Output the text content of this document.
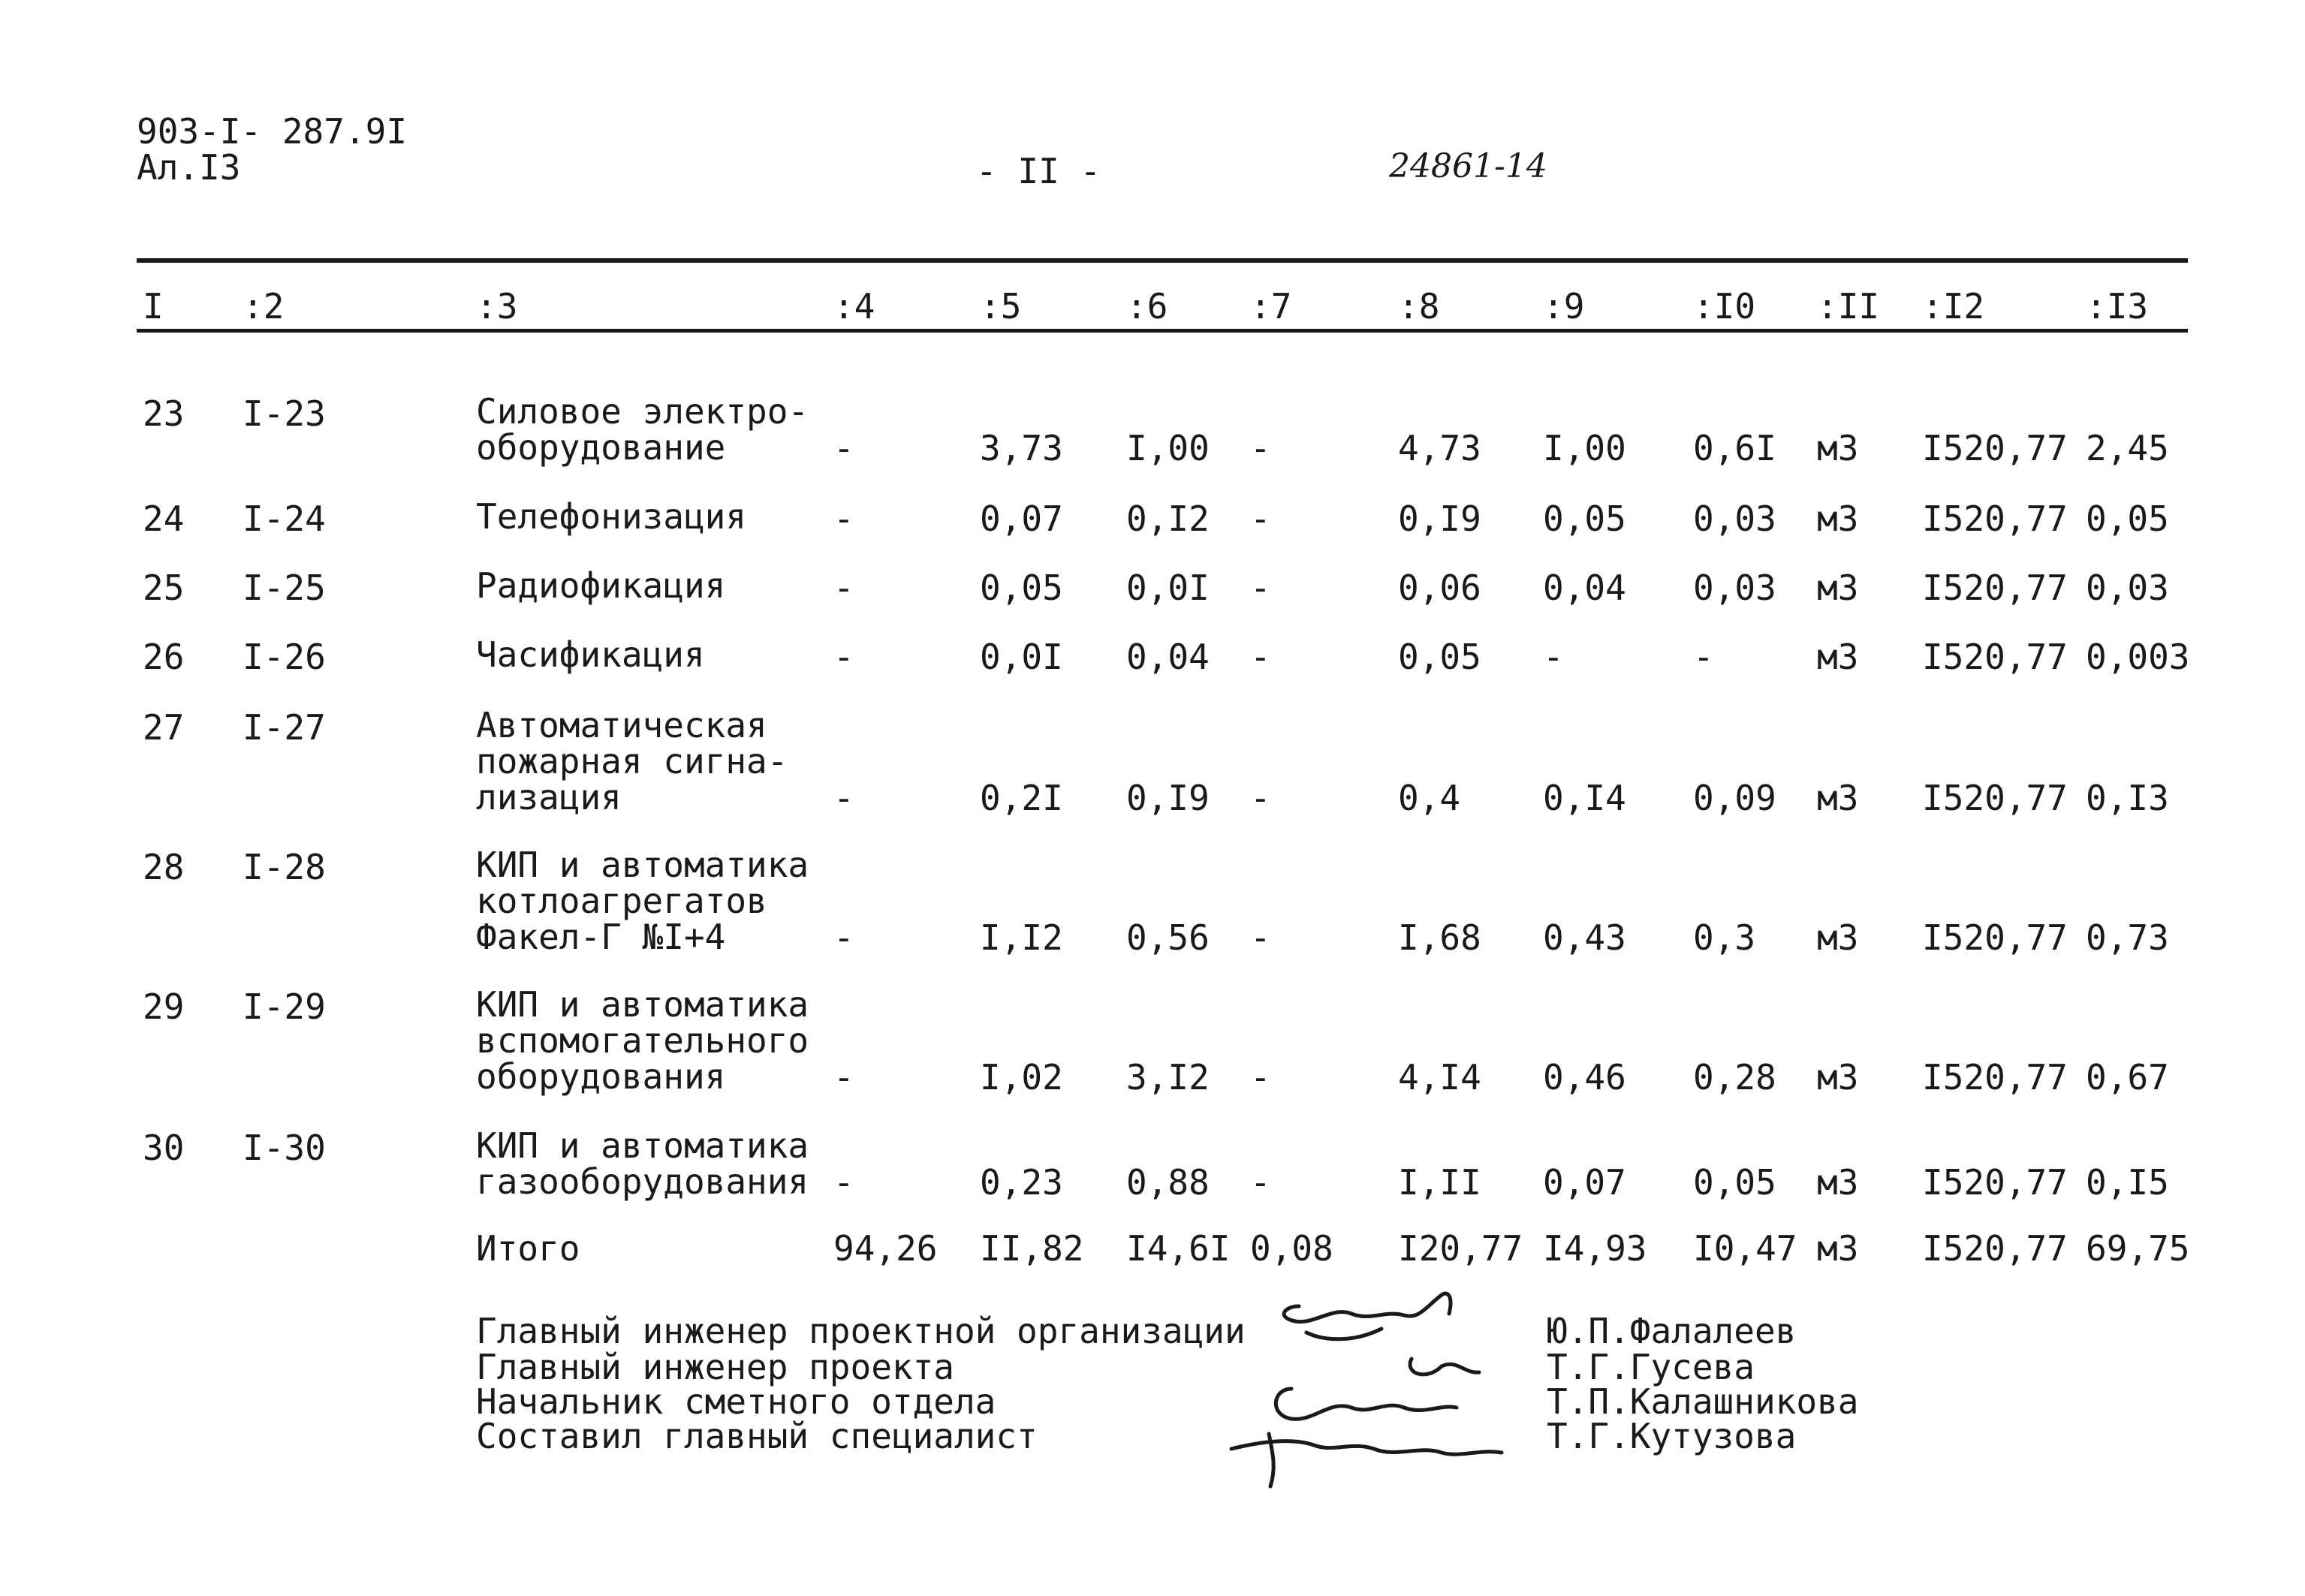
903-I- 287.9I
Ал.I3	- II -	24861-14
I :2	:3	:4	:5	:6 :7	:8	:9	:I0 :II :I2	:I3
23 I-23	Силовое электро-
оборудование	-	3,73 I,00 -	4,73 I,00 0,6I м3 I520,77 2,45
24 I-24	Телефонизация	-	0,07 0,I2 -	0,I9 0,05 0,03 м3 I520,77 0,05
25 I-25	Радиофикация	-	0,05 0,0I -	0,06 0,04 0,03 м3 I520,77 0,03
26 I-26	Часификация	-	0,0I 0,04 -	0,05 -	-	м3 I520,77 0,003
27 I-27	Автоматическая
пожарная сигна-
лизация	-	0,2I 0,I9 -	0,4 0,I4 0,09 м3 I520,77 0,I3
28 I-28	КИП и автоматика
котлоагрегатов
Факел-Г №I+4	-	I,I2 0,56 -	I,68 0,43 0,3 м3 I520,77 0,73
29 I-29	КИП и автоматика
вспомогательного
оборудования	-	I,02 3,I2 -	4,I4 0,46 0,28 м3 I520,77 0,67
30 I-30	КИП и автоматика
газооборудования -	0,23 0,88 -	I,II 0,07 0,05 м3 I520,77 0,I5
Итого	94,26 II,82 I4,6I 0,08 I20,77 I4,93 I0,47 м3 I520,77 69,75
Главный инженер проектной организации
Главный инженер проекта
Начальник сметного отдела
Составил главный специалист
Ю.П.Фалалеев
Т.Г.Гусева
Т.П.Калашникова
Т.Г.Кутузова
